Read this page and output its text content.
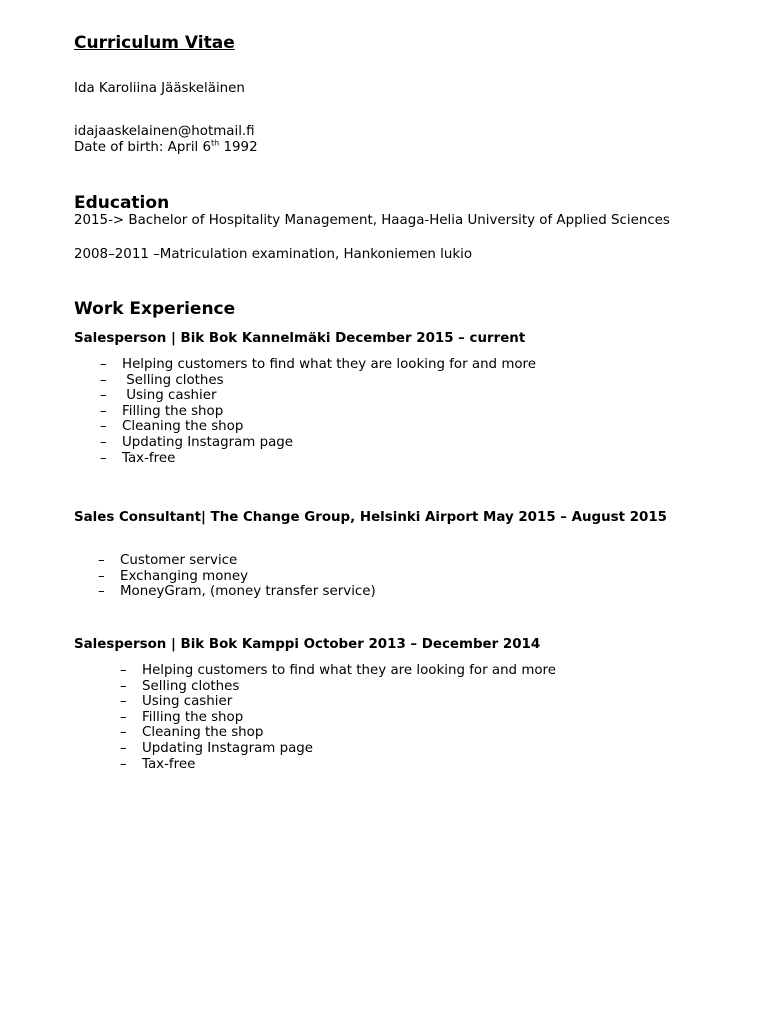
Curriculum Vitae

Ida Karoliina Jääskeläinen

idajaaskelainen@hotmail.fi

Date of birth: April 6th 1992

Education

2015-> Bachelor of Hospitality Management, Haaga-Helia University of Applied Sciences

2008–2011 –Matriculation examination, Hankoniemen lukio

Work Experience

Salesperson | Bik Bok Kannelmäki December 2015 – current

– Helping customers to find what they are looking for and more
– Selling clothes
– Using cashier
– Filling the shop
– Cleaning the shop
– Updating Instagram page
– Tax-free

Sales Consultant| The Change Group, Helsinki Airport May 2015 – August 2015

– Customer service
– Exchanging money
– MoneyGram, (money transfer service)

Salesperson | Bik Bok Kamppi October 2013 – December 2014

– Helping customers to find what they are looking for and more
– Selling clothes
– Using cashier
– Filling the shop
– Cleaning the shop
– Updating Instagram page
– Tax-free
